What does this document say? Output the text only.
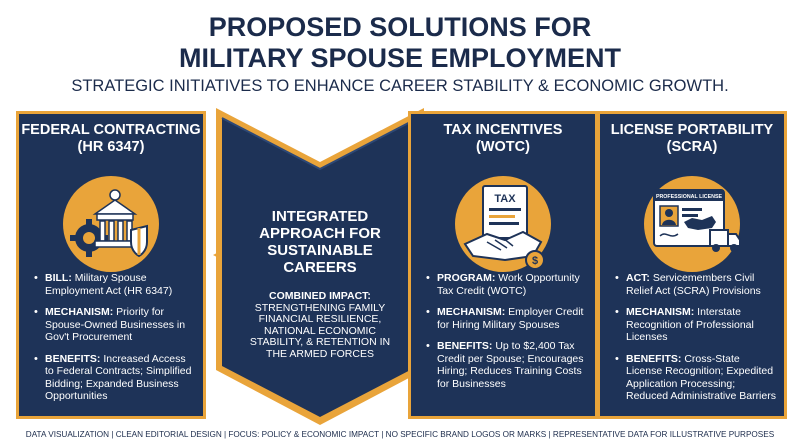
PROPOSED SOLUTIONS FOR
MILITARY SPOUSE EMPLOYMENT
STRATEGIC INITIATIVES TO ENHANCE CAREER STABILITY & ECONOMIC GROWTH.
FEDERAL CONTRACTING
(HR 6347)
• BILL: Military Spouse Employment Act (HR 6347)
• MECHANISM: Priority for Spouse-Owned Businesses in Gov't Procurement
• BENEFITS: Increased Access to Federal Contracts; Simplified Bidding; Expanded Business Opportunities
INTEGRATED
APPROACH FOR
SUSTAINABLE
CAREERS
COMBINED IMPACT:
STRENGTHENING FAMILY FINANCIAL RESILIENCE, NATIONAL ECONOMIC STABILITY, & RETENTION IN THE ARMED FORCES
TAX INCENTIVES
(WOTC)
TAX
$
• PROGRAM: Work Opportunity Tax Credit (WOTC)
• MECHANISM: Employer Credit for Hiring Military Spouses
• BENEFITS: Up to $2,400 Tax Credit per Spouse; Encourages Hiring; Reduces Training Costs for Businesses
LICENSE PORTABILITY
(SCRA)
PROFESSIONAL LICENSE
• ACT: Servicemembers Civil Relief Act (SCRA) Provisions
• MECHANISM: Interstate Recognition of Professional Licenses
• BENEFITS: Cross-State License Recognition; Expedited Application Processing; Reduced Administrative Barriers
DATA VISUALIZATION | CLEAN EDITORIAL DESIGN | FOCUS: POLICY & ECONOMIC IMPACT | NO SPECIFIC BRAND LOGOS OR MARKS | REPRESENTATIVE DATA FOR ILLUSTRATIVE PURPOSES
